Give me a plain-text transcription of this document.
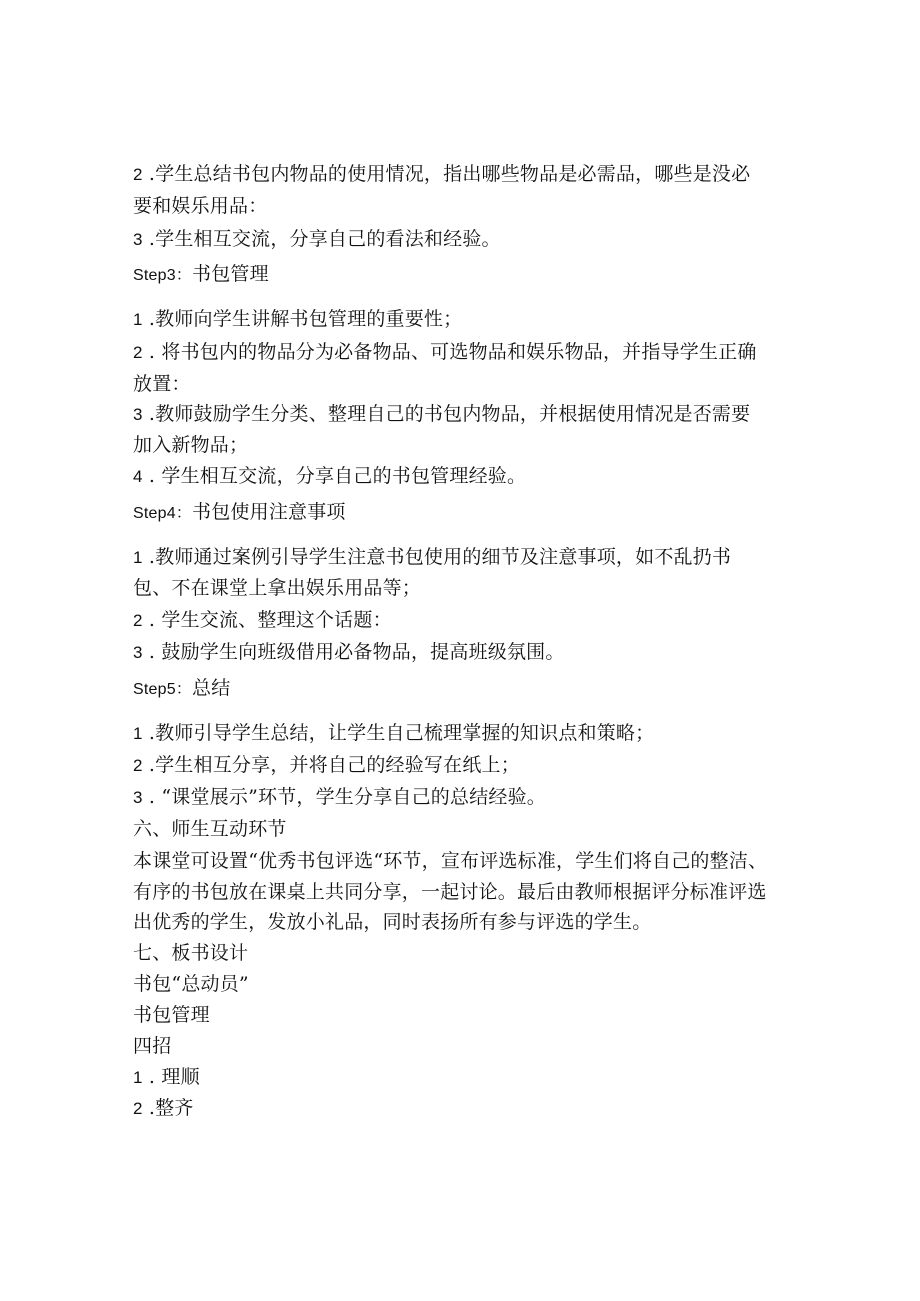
2 .学生总结书包内物品的使用情况，指出哪些物品是必需品，哪些是没必
要和娱乐用品：
3 .学生相互交流，分享自己的看法和经验。
Step3：书包管理
1 .教师向学生讲解书包管理的重要性；
2 . 将书包内的物品分为必备物品、可选物品和娱乐物品，并指导学生正确
放置：
3 .教师鼓励学生分类、整理自己的书包内物品，并根据使用情况是否需要
加入新物品；
4 . 学生相互交流，分享自己的书包管理经验。
Step4：书包使用注意事项
1 .教师通过案例引导学生注意书包使用的细节及注意事项，如不乱扔书
包、不在课堂上拿出娱乐用品等；
2 . 学生交流、整理这个话题：
3 . 鼓励学生向班级借用必备物品，提高班级氛围。
Step5：总结
1 .教师引导学生总结，让学生自己梳理掌握的知识点和策略；
2 .学生相互分享，并将自己的经验写在纸上；
3 . “课堂展示”环节，学生分享自己的总结经验。
六、师生互动环节
本课堂可设置“优秀书包评选“环节，宣布评选标准，学生们将自己的整洁、
有序的书包放在课桌上共同分享，一起讨论。最后由教师根据评分标准评选
出优秀的学生，发放小礼品，同时表扬所有参与评选的学生。
七、板书设计
书包“总动员”
书包管理
四招
1 . 理顺
2 .整齐
